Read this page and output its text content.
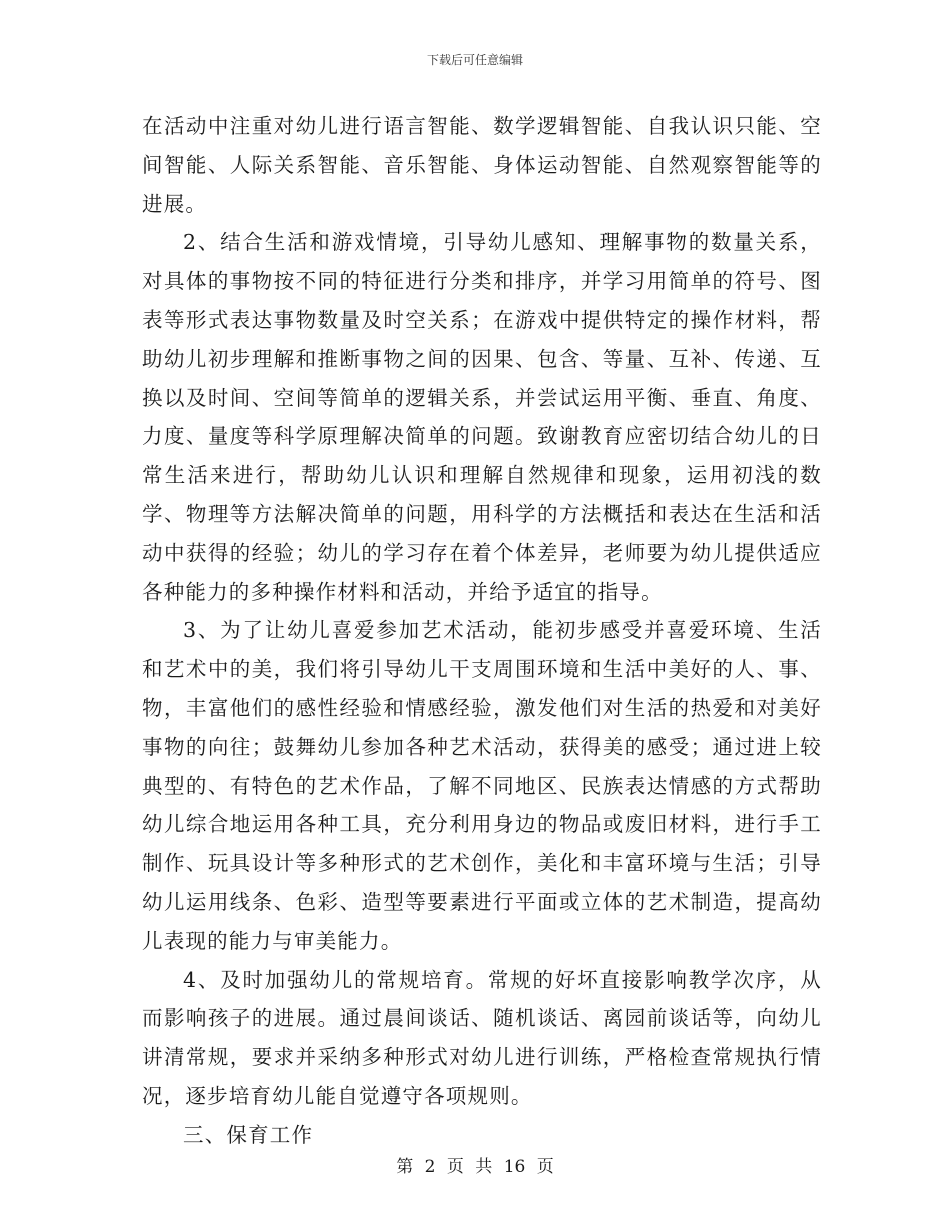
下载后可任意编辑

在活动中注重对幼儿进行语言智能、数学逻辑智能、自我认识只能、空间智能、人际关系智能、音乐智能、身体运动智能、自然观察智能等的进展。

2、结合生活和游戏情境，引导幼儿感知、理解事物的数量关系，对具体的事物按不同的特征进行分类和排序，并学习用简单的符号、图表等形式表达事物数量及时空关系；在游戏中提供特定的操作材料，帮助幼儿初步理解和推断事物之间的因果、包含、等量、互补、传递、互换以及时间、空间等简单的逻辑关系，并尝试运用平衡、垂直、角度、力度、量度等科学原理解决简单的问题。致谢教育应密切结合幼儿的日常生活来进行，帮助幼儿认识和理解自然规律和现象，运用初浅的数学、物理等方法解决简单的问题，用科学的方法概括和表达在生活和活动中获得的经验；幼儿的学习存在着个体差异，老师要为幼儿提供适应各种能力的多种操作材料和活动，并给予适宜的指导。

3、为了让幼儿喜爱参加艺术活动，能初步感受并喜爱环境、生活和艺术中的美，我们将引导幼儿干支周围环境和生活中美好的人、事、物，丰富他们的感性经验和情感经验，激发他们对生活的热爱和对美好事物的向往；鼓舞幼儿参加各种艺术活动，获得美的感受；通过进上较典型的、有特色的艺术作品，了解不同地区、民族表达情感的方式帮助幼儿综合地运用各种工具，充分利用身边的物品或废旧材料，进行手工制作、玩具设计等多种形式的艺术创作，美化和丰富环境与生活；引导幼儿运用线条、色彩、造型等要素进行平面或立体的艺术制造，提高幼儿表现的能力与审美能力。

4、及时加强幼儿的常规培育。常规的好坏直接影响教学次序，从而影响孩子的进展。通过晨间谈话、随机谈话、离园前谈话等，向幼儿讲清常规，要求并采纳多种形式对幼儿进行训练，严格检查常规执行情况，逐步培育幼儿能自觉遵守各项规则。

三、保育工作

第 2 页 共 16 页
